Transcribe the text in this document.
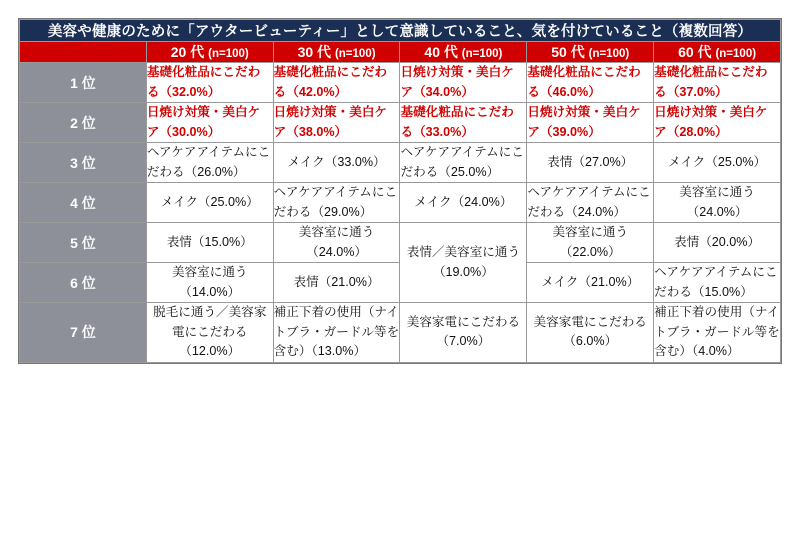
美容や健康のために「アウタービューティー」として意識していること、気を付けていること（複数回答）					
	20 代 (n=100)	30 代 (n=100)	40 代 (n=100)	50 代 (n=100)	60 代 (n=100)
1 位	基礎化粧品にこだわる（32.0%）	基礎化粧品にこだわる（42.0%）	日焼け対策・美白ケア（34.0%）	基礎化粧品にこだわる（46.0%）	基礎化粧品にこだわる（37.0%）
2 位	日焼け対策・美白ケア（30.0%）	日焼け対策・美白ケア（38.0%）	基礎化粧品にこだわる（33.0%）	日焼け対策・美白ケア（39.0%）	日焼け対策・美白ケア（28.0%）
3 位	ヘアケアアイテムにこだわる（26.0%）	メイク（33.0%）	ヘアケアアイテムにこだわる（25.0%）	表情（27.0%）	メイク（25.0%）
4 位	メイク（25.0%）	ヘアケアアイテムにこだわる（29.0%）	メイク（24.0%）	ヘアケアアイテムにこだわる（24.0%）	美容室に通う（24.0%）
5 位	表情（15.0%）	美容室に通う（24.0%）	表情／美容室に通う（19.0%）	美容室に通う（22.0%）	表情（20.0%）
6 位	美容室に通う（14.0%）	表情（21.0%）		メイク（21.0%）	ヘアケアアイテムにこだわる（15.0%）
7 位	脱毛に通う／美容家電にこだわる（12.0%）	補正下着の使用（ナイトブラ・ガードル等を含む）（13.0%）	美容家電にこだわる（7.0%）	美容家電にこだわる（6.0%）	補正下着の使用（ナイトブラ・ガードル等を含む）（4.0%）
